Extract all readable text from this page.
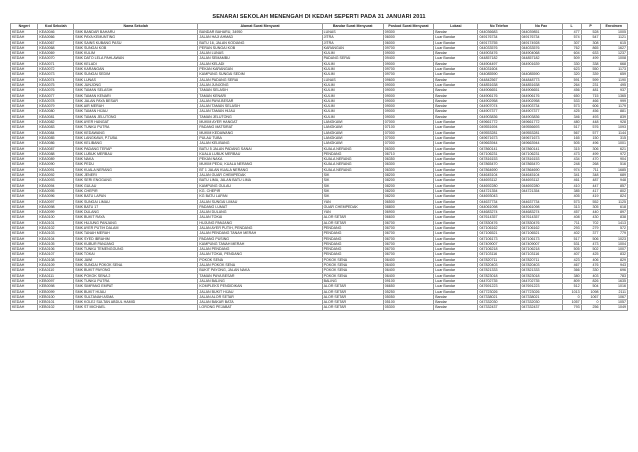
SENARAI SEKOLAH MENENGAH DI KEDAH SEPERTI PADA 31 JANUARI 2011
Negeri	Kod Sekolah	Nama Sekolah	Alamat Surat Menyurat	Bandar Surat Menyurat	Poskod Surat Menyurat	Lokasi	No Telefon	No Fax	L	P	Enrolmen
KEDAH	KEA0046	SMK BANDAR BAHARU	BANDAR BAHARU, 34950	LUNAS	09300	Bandar	044036683	044039851	477	528	1005
KEDAH	KEA0066	SMK PAYA KEMUNTING	JALAN HAJI AHMAD	JITRA	06000	Luar Bandar	049176734	049176734	574	547	1121
KEDAH	KEA0067	SMK SAINS KUBANG PASU	BATU 16, JALAN KODIANG	JITRA	06000	Luar Bandar	049173755	049174928	307	308	615
KEDAH	KEA0068	SMK SUNGAI KOB	PERAN SUNGAI KOB	KARANGAN	09700	Luar Bandar	044033576	044033576	762	865	1627
KEDAH	KEA0069	SMK KULIM	JALAN LUNAS	KULIM	09000	Bandar	044903476	044904068	604	633	1237
KEDAH	KEA0070	SMK DATO LELA PAHLAWAN	JALAN SEMAMBU	PADANG SERAI	09400	Luar Bandar	044857182	044857182	509	499	1008
KEDAH	KEA0071	SMK KELADI	JALAN KELADI	KULIM	09000	Bandar	044904497	044901639	330	338	668
KEDAH	KEA0072	SMK KARANGAN	PEKAN KARANGAN	KULIM	09700	Luar Bandar	044031604		623	550	1173
KEDAH	KEA0073	SMK SUNGAI SEDIM	KAMPUNG SUNGAI SEDIM	KULIM	09700	Luar Bandar	044085590	044085590	320	339	659
KEDAH	KEA0074	SMK LUNAS	JALAN PADANG SERAI	LUNAS	09600	Bandar	044842567	044848773	591	599	1190
KEDAH	KEA0075	SMK JUNJONG	JALAN JUNJONG	KULIM	09000	Luar Bandar	044851638	044851638	264	231	495
KEDAH	KEA0076	SMK TAMAN SELASIH	TAMAN SELASIH	KULIM	09000	Bandar	044906651	044906651	456	481	937
KEDAH	KEA0077	SMK TAMAN KENARI	TAMAN KENARI	KULIM	09000	Bandar	044906176	044906176	650	715	1365
KEDAH	KEA0078	SMK JALAN PAYA BESAR	JALAN PAYA BESAR	KULIM	09000	Bandar	044902958	044902958	533	466	999
KEDAH	KEA0079	SMK AIR MERAH	JALAN TAMAN SELASIH	KULIM	09000	Bandar	044907074	044903734	573	606	1179
KEDAH	KEA0080	SMK TAMAN HIJAU	JALAN TAMAN HIJAU	KULIM	09000	Bandar	044907377	044907377	425	456	881
KEDAH	KEA0081	SMK TAMAN JELUTONG	TAMAN JELUTONG	KULIM	09000	Bandar	044903836	044903836	346	493	839
KEDAH	KEA0082	SMK AYER HANGAT	MUKIM AYER HANGAT	LANGKAWI	07000	Luar Bandar	049661772	049661772	480	448	928
KEDAH	KEA0083	SMK TUNKU PUTRA	PADANG MATSIRAT	LANGKAWI	07100	Luar Bandar	049551694	049556693	517	576	1093
KEDAH	KEA0084	SMK KEDAWANG	MUKIM KEDAWANG	LANGKAWI	07000	Luar Bandar	049553281	049553281	567	577	1144
KEDAH	KEA0085	SMK LANGKAWI, P.TUBA	PULAU TUBA	LANGKAWI	07000	Luar Bandar	049671673	049671673	165	150	315
KEDAH	KEA0086	SMK KELIBANG	JALAN KELIBANG	LANGKAWI	07000	Luar Bandar	049663944	049663944	505	496	1001
KEDAH	KEA0087	SMK PADANG TERAP	BATU 5 JALAN PADANG SANAI	KUALA NERANG	06300	Luar Bandar	047860141	047860141	315	306	621
KEDAH	KEA0088	SMK LUBUK MERBAU	KUALA LUBUK MERBAU	PENDANG	06710	Luar Bandar	047106231	047106231	473	499	972
KEDAH	KEA0089	SMK NAKA	PEKAN NAKA	KUALA NERANG	06350	Luar Bandar	047816153	047816153	434	470	904
KEDAH	KEA0090	SMK PEDU	MUKIM PEDU, KUALA NERANG	KUALA NERANG	06300	Luar Bandar	047865470	047865470	248	268	516
KEDAH	KEA0091	SMK KUALA NERANG	BT 1 JALAN KUALA NERANG	KUALA NERANG	06300	Luar Bandar	047864690	047864690	974	711	1685
KEDAH	KEA0092	SMK JENERI	JALAN GUAR CHEMPEDAK	SIK	08200	Luar Bandar	044645104	044645104	341	348	689
KEDAH	KEA0093	SMK SERI ENGGANG	BATU LIMA, JALAN BATU LIMA	SIK	08200	Luar Bandar	044693112	044693112	461	487	948
KEDAH	KEA0094	SMK GULAU	KAMPUNG GULAU	SIK	08200	Luar Bandar	044692280	044692280	410	447	857
KEDAH	KEA0095	SMK CHEPIR	KG. CHEPIR	SIK	08200	Luar Bandar	044721354	044721354	385	417	802
KEDAH	KEA0096	SMK BATU LAPAN	KG BATU LAPAN	SIK	08200	Luar Bandar	044693043		405	419	824
KEDAH	KEA0097	SMK SUNGAI LIMAU	JALAN SUNGAI LIMAU	YAN	06500	Luar Bandar	044637734	044637734	573	552	1125
KEDAH	KEA0098	SMK BATU 17	PADANG LUMAT	GUAR CHEMPEDAK	08800	Luar Bandar	044061098	044061098	313	305	618
KEDAH	KEA0099	SMK DULANG	JALAN DULANG	YAN	06900	Luar Bandar	044683274	044683274	457	440	897
KEDAH	KEA0100	SMK BUKIT RAYA	JALAN TOKAI	ALOR SETAR	06600	Luar Bandar	047614357	047614357	408	430	838
KEDAH	KEA0101	SMK HUJUNG PANJANG	HUJUNG PANJANG	ALOR SETAR	06700	Luar Bandar	047830476	047830476	711	702	1413
KEDAH	KEA0102	SMK AYER PUTIH DALAM	JALAN AYER PUTIH, PENDANG	PENDANG	06700	Luar Bandar	047106162	047106162	293	279	572
KEDAH	KEA0103	SMK TANAH MERAH	JALAN PENDANG TANAH MERAH	PENDANG	06700	Luar Bandar	047106521	047106521	402	377	779
KEDAH	KEA0104	SMK SYED IBRAHIM	PADANG PUSING	PENDANG	06700	Luar Bandar	047106173	047106173	517	506	1023
KEDAH	KEA0105	SMK KUBUR PANJANG	KAMPUNG TANAH MERAH	PENDANG	06700	Luar Bandar	047409007	047409007	531	473	1004
KEDAH	KEA0106	SMK TUNKU TEMENGGUNG	JALAN PENDANG	PENDANG	06700	Luar Bandar	047106218	047106218	505	502	1007
KEDAH	KEA0107	SMK TOKAI	JALAN TOKAI, PENDANG	PENDANG	06700	Luar Bandar	047103116	047103116	407	425	832
KEDAH	KEA0108	SMK JAWI	POKOK SENA	POKOK SENA	06400	Luar Bandar	047820711	047820711	423	406	829
KEDAH	KEA0109	SMK SUNGAI POKOK SENA	JALAN POKOK SENA	POKOK SENA	06400	Luar Bandar	047820403	047820403	467	476	943
KEDAH	KEA0110	SMK BUKIT PAYONG	BUKIT PAYONG, JALAN NAKA	POKOK SENA	06400	Luar Bandar	047821333	047821333	366	330	696
KEDAH	KEA0111	SMK POKOK SENA 2	TAMAN PAYA BESAR	POKOK SENA	06400	Luar Bandar	047823018	047823018	380	403	783
KEDAH	KEB0097	SMK TUNKU PUTRA	JALAN BALING	BALING	09100	Luar Bandar	044702735	044702735	809	826	1635
KEDAH	KEB0098	SMK SIMPANG EMPAT	KOMPLEKS PENDIDIKAN	ALOR SETAR	06650	Luar Bandar	047691223	047691223	512	504	1016
KEDAH	KEB0099	SMK BUKIT HIJAU	JALAN BUKIT HIJAU	ALOR SETAR	05250	Luar Bandar	047723026	047723026	1013	1098	2111
KEDAH	KEB0100	SMK SULTANAH ASMA	JALAN ALOR SETAR	ALOR SETAR	05050	Bandar	047338021	047338021	0	1067	1067
KEDAH	KEB0101	SMK KOLEJ SULTAN ABDUL HAMID	JALAN BAKAR BATA	ALOR SETAR	05100	Bandar	047332030	047332030	1057	0	1057
KEDAH	KEB0102	SMK ST MICHAEL	LORONG PEJABAT	ALOR SETAR	05300	Bandar	047332437	047332437	793	256	1049
